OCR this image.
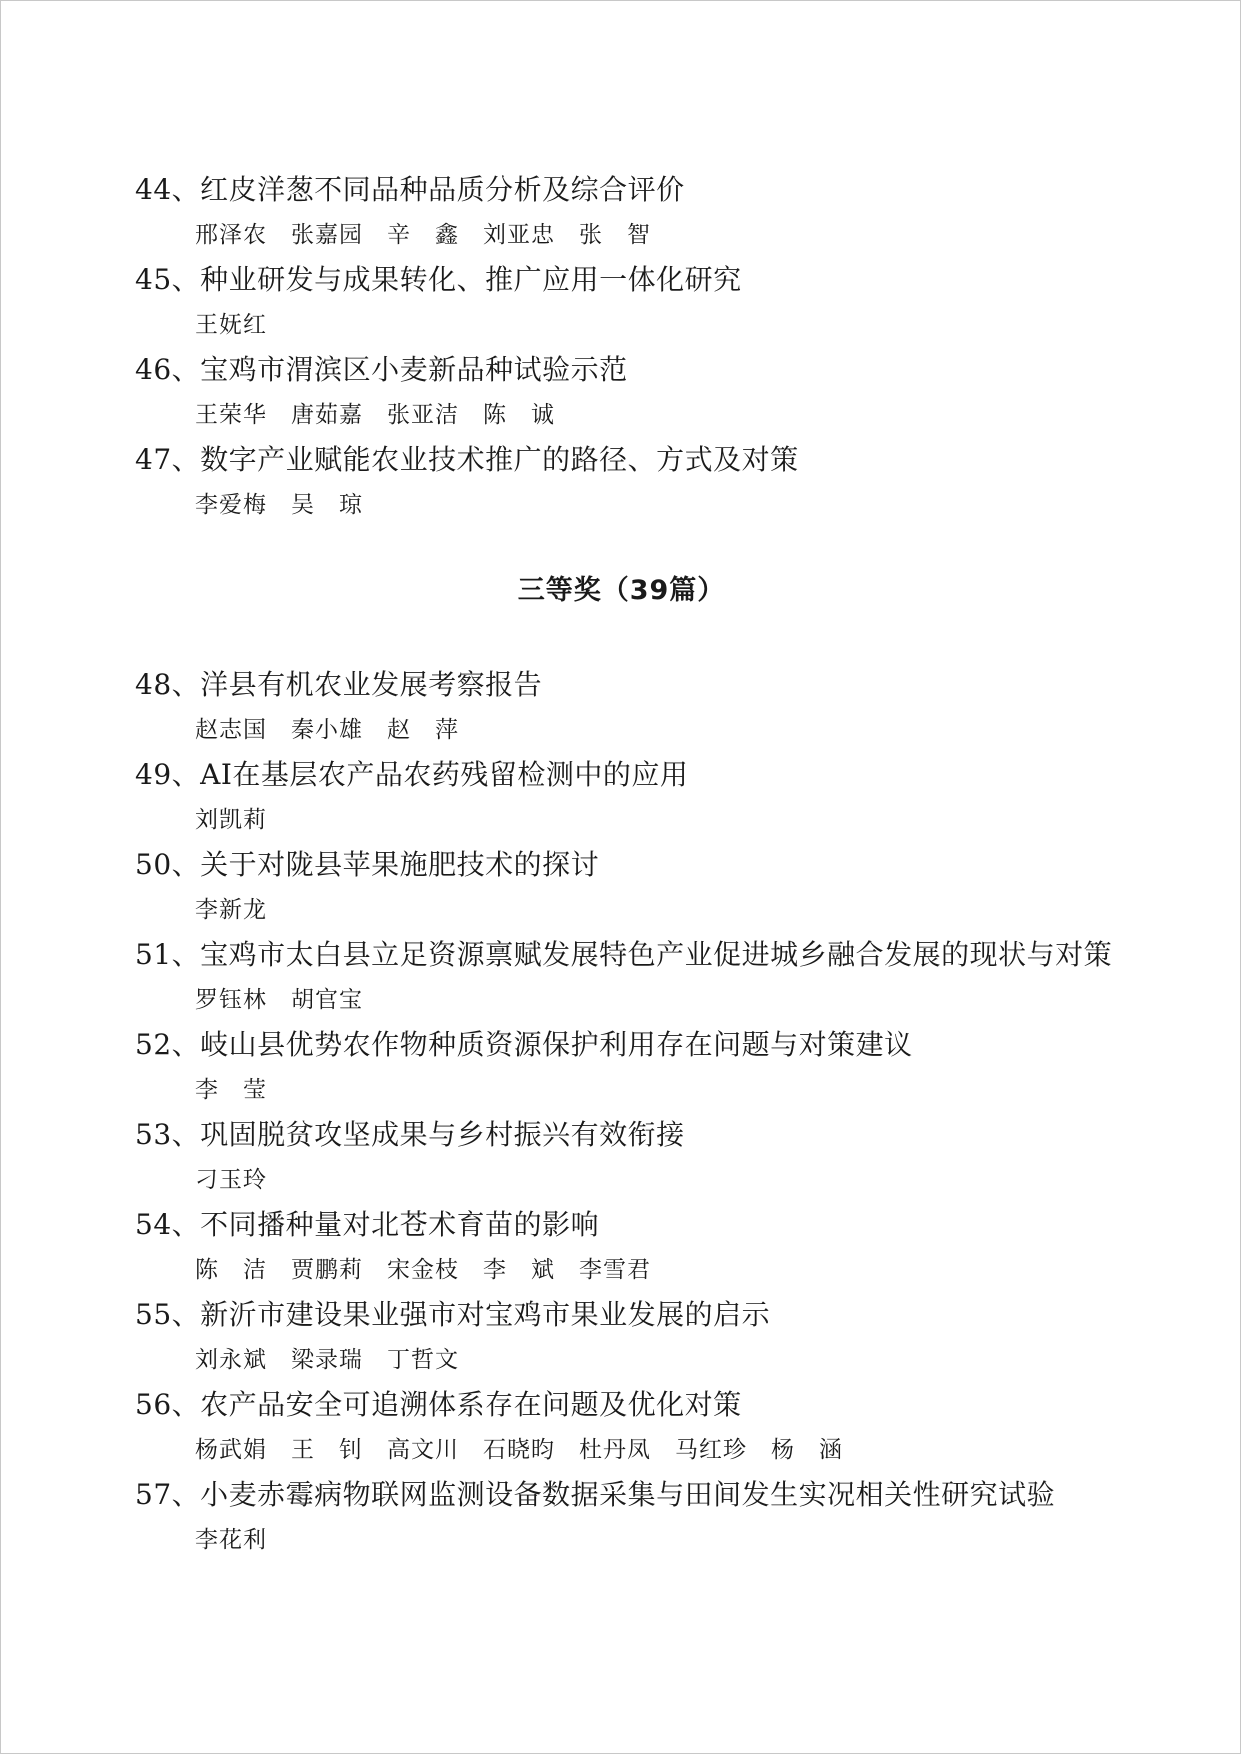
44、红皮洋葱不同品种品质分析及综合评价
邢泽农　张嘉园　辛　鑫　刘亚忠　张　智
45、种业研发与成果转化、推广应用一体化研究
王妩红
46、宝鸡市渭滨区小麦新品种试验示范
王荣华　唐茹嘉　张亚洁　陈　诚
47、数字产业赋能农业技术推广的路径、方式及对策
李爱梅　吴　琼
三等奖（39篇）
48、洋县有机农业发展考察报告
赵志国　秦小雄　赵　萍
49、AI在基层农产品农药残留检测中的应用
刘凯莉
50、关于对陇县苹果施肥技术的探讨
李新龙
51、宝鸡市太白县立足资源禀赋发展特色产业促进城乡融合发展的现状与对策
罗钰林　胡官宝
52、岐山县优势农作物种质资源保护利用存在问题与对策建议
李　莹
53、巩固脱贫攻坚成果与乡村振兴有效衔接
刁玉玲
54、不同播种量对北苍术育苗的影响
陈　洁　贾鹏莉　宋金枝　李　斌　李雪君
55、新沂市建设果业强市对宝鸡市果业发展的启示
刘永斌　梁录瑞　丁哲文
56、农产品安全可追溯体系存在问题及优化对策
杨武娟　王　钊　高文川　石晓昀　杜丹凤　马红珍　杨　涵
57、小麦赤霉病物联网监测设备数据采集与田间发生实况相关性研究试验
李花利
